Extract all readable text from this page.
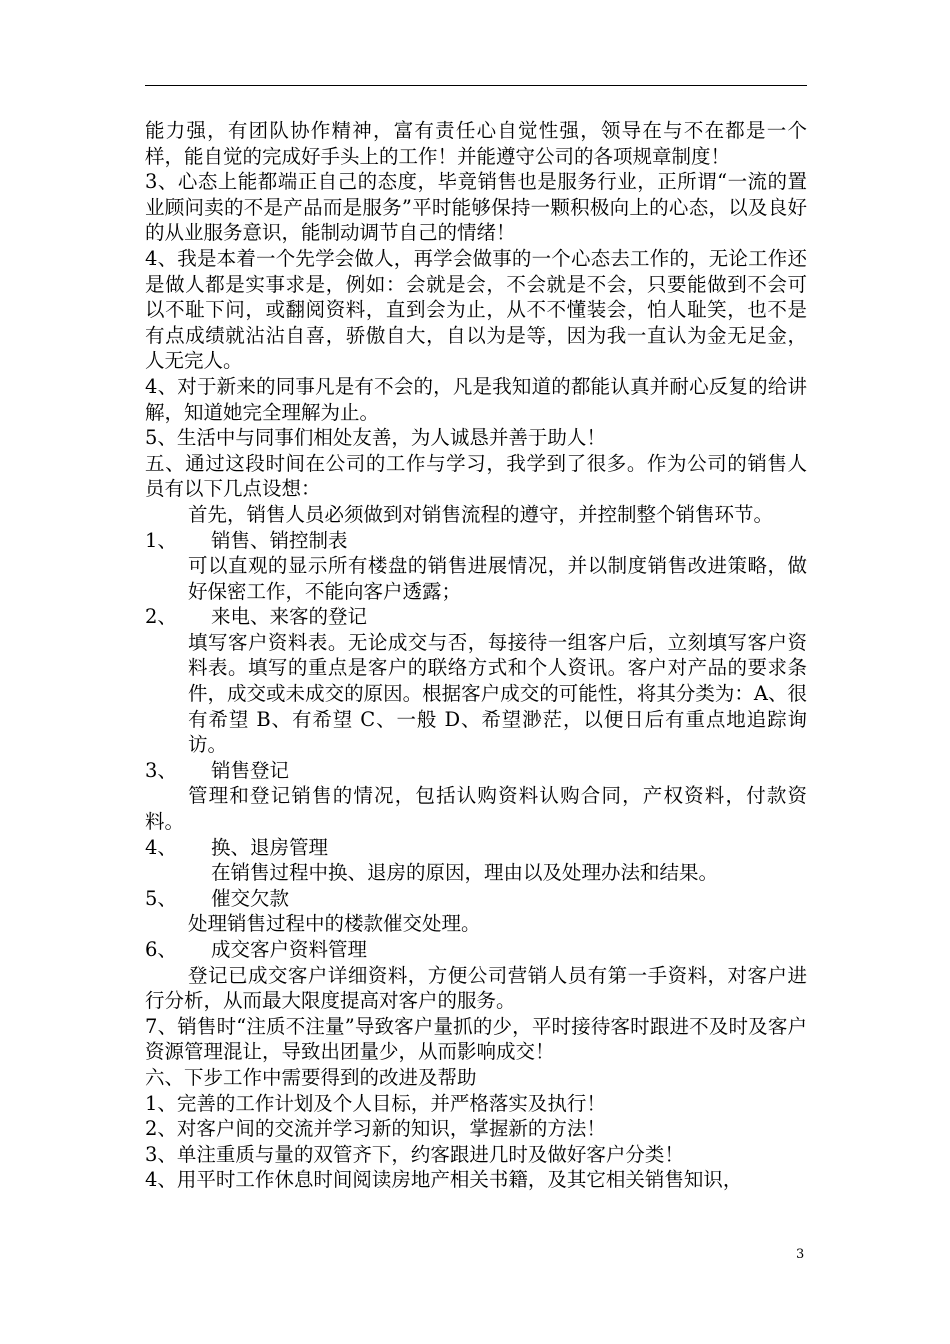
能力强，有团队协作精神，富有责任心自觉性强，领导在与不在都是一个样，能自觉的完成好手头上的工作！并能遵守公司的各项规章制度！

3、心态上能都端正自己的态度，毕竟销售也是服务行业，正所谓“一流的置业顾问卖的不是产品而是服务”平时能够保持一颗积极向上的心态，以及良好的从业服务意识，能制动调节自己的情绪！

4、我是本着一个先学会做人，再学会做事的一个心态去工作的，无论工作还是做人都是实事求是，例如：会就是会，不会就是不会，只要能做到不会可以不耻下问，或翻阅资料，直到会为止，从不不懂装会，怕人耻笑，也不是有点成绩就沾沾自喜，骄傲自大，自以为是等，因为我一直认为金无足金，人无完人。

4、对于新来的同事凡是有不会的，凡是我知道的都能认真并耐心反复的给讲解，知道她完全理解为止。

5、生活中与同事们相处友善，为人诚恳并善于助人！

五、通过这段时间在公司的工作与学习，我学到了很多。作为公司的销售人员有以下几点设想：

首先，销售人员必须做到对销售流程的遵守，并控制整个销售环节。

1、 销售、销控制表

可以直观的显示所有楼盘的销售进展情况，并以制度销售改进策略，做好保密工作，不能向客户透露；

2、 来电、来客的登记

填写客户资料表。无论成交与否，每接待一组客户后，立刻填写客户资料表。填写的重点是客户的联络方式和个人资讯。客户对产品的要求条件，成交或未成交的原因。根据客户成交的可能性，将其分类为：A、很有希望 B、有希望 C、一般 D、希望渺茫，以便日后有重点地追踪询访。

3、 销售登记

管理和登记销售的情况，包括认购资料认购合同，产权资料，付款资料。

4、 换、退房管理

在销售过程中换、退房的原因，理由以及处理办法和结果。

5、 催交欠款

处理销售过程中的楼款催交处理。

6、 成交客户资料管理

登记已成交客户详细资料，方便公司营销人员有第一手资料，对客户进行分析，从而最大限度提高对客户的服务。

7、销售时“注质不注量”导致客户量抓的少，平时接待客时跟进不及时及客户资源管理混让，导致出团量少，从而影响成交！

六、下步工作中需要得到的改进及帮助

1、完善的工作计划及个人目标，并严格落实及执行！

2、对客户间的交流并学习新的知识，掌握新的方法！

3、单注重质与量的双管齐下，约客跟进几时及做好客户分类！

4、用平时工作休息时间阅读房地产相关书籍，及其它相关销售知识，

3
